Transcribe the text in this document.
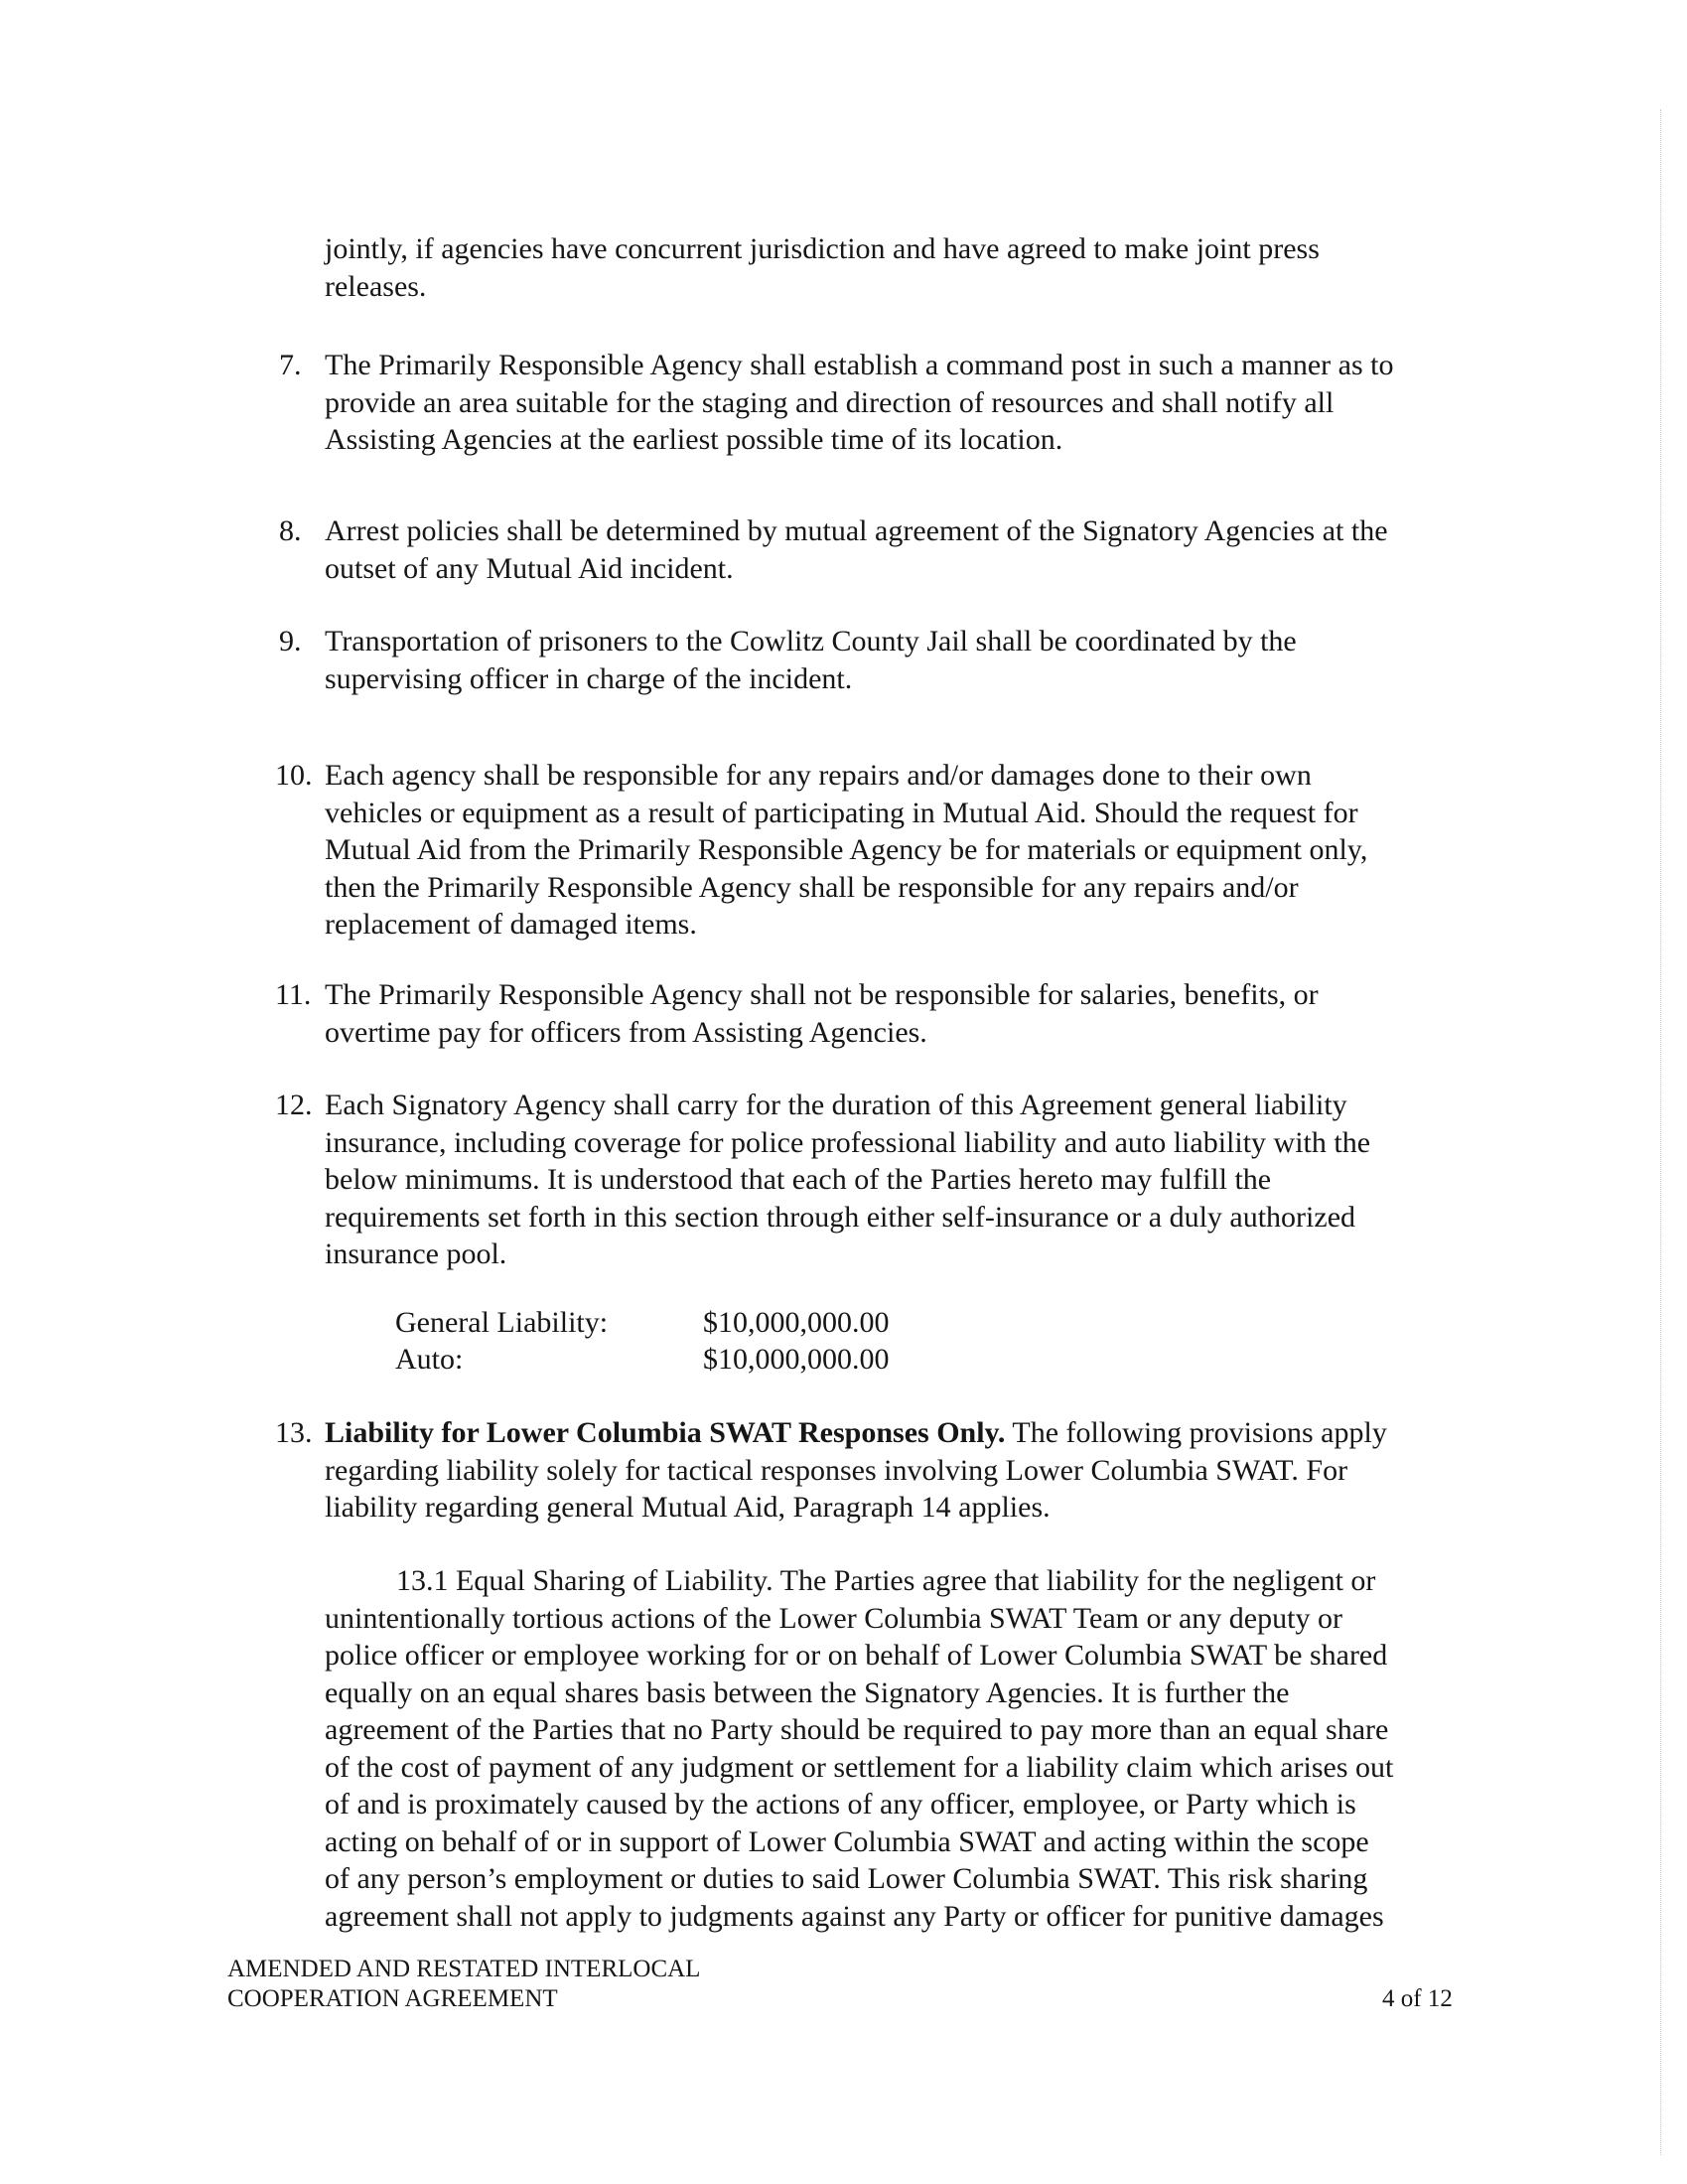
jointly, if agencies have concurrent jurisdiction and have agreed to make joint press
releases.
7. The Primarily Responsible Agency shall establish a command post in such a manner as to
provide an area suitable for the staging and direction of resources and shall notify all
Assisting Agencies at the earliest possible time of its location.
8. Arrest policies shall be determined by mutual agreement of the Signatory Agencies at the
outset of any Mutual Aid incident.
9. Transportation of prisoners to the Cowlitz County Jail shall be coordinated by the
supervising officer in charge of the incident.
10. Each agency shall be responsible for any repairs and/or damages done to their own
vehicles or equipment as a result of participating in Mutual Aid. Should the request for
Mutual Aid from the Primarily Responsible Agency be for materials or equipment only,
then the Primarily Responsible Agency shall be responsible for any repairs and/or
replacement of damaged items.
11. The Primarily Responsible Agency shall not be responsible for salaries, benefits, or
overtime pay for officers from Assisting Agencies.
12. Each Signatory Agency shall carry for the duration of this Agreement general liability
insurance, including coverage for police professional liability and auto liability with the
below minimums. It is understood that each of the Parties hereto may fulfill the
requirements set forth in this section through either self-insurance or a duly authorized
insurance pool.
General Liability:	$10,000,000.00
Auto:	$10,000,000.00
13. Liability for Lower Columbia SWAT Responses Only. The following provisions apply
regarding liability solely for tactical responses involving Lower Columbia SWAT. For
liability regarding general Mutual Aid, Paragraph 14 applies.
13.1 Equal Sharing of Liability. The Parties agree that liability for the negligent or
unintentionally tortious actions of the Lower Columbia SWAT Team or any deputy or
police officer or employee working for or on behalf of Lower Columbia SWAT be shared
equally on an equal shares basis between the Signatory Agencies. It is further the
agreement of the Parties that no Party should be required to pay more than an equal share
of the cost of payment of any judgment or settlement for a liability claim which arises out
of and is proximately caused by the actions of any officer, employee, or Party which is
acting on behalf of or in support of Lower Columbia SWAT and acting within the scope
of any person’s employment or duties to said Lower Columbia SWAT. This risk sharing
agreement shall not apply to judgments against any Party or officer for punitive damages
AMENDED AND RESTATED INTERLOCAL
COOPERATION AGREEMENT	4 of 12
